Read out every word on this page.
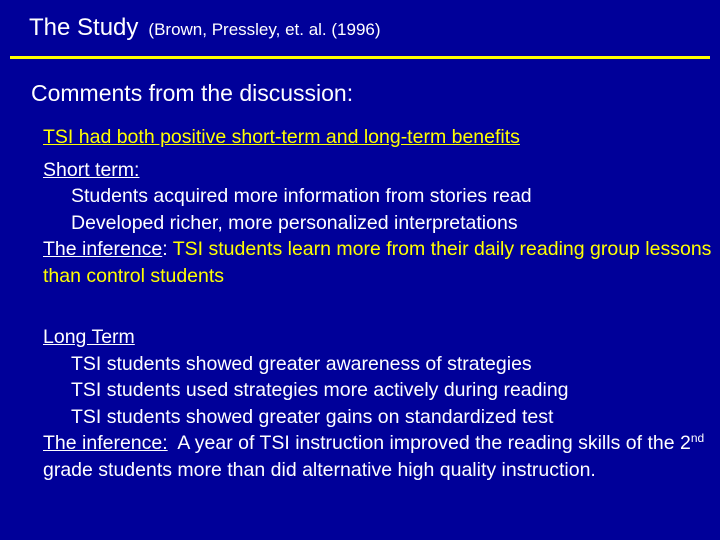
The Study (Brown, Pressley, et. al. (1996)
Comments from the discussion:
TSI had both positive short-term and long-term benefits
Short term:
Students acquired more information from stories read
Developed richer, more personalized interpretations
The inference: TSI students learn more from their daily reading group lessons than control students
Long Term
TSI students showed greater awareness of strategies
TSI students used strategies more actively during reading
TSI students showed greater gains on standardized test
The inference:  A year of TSI instruction improved the reading skills of the 2nd grade students more than did alternative high quality instruction.
